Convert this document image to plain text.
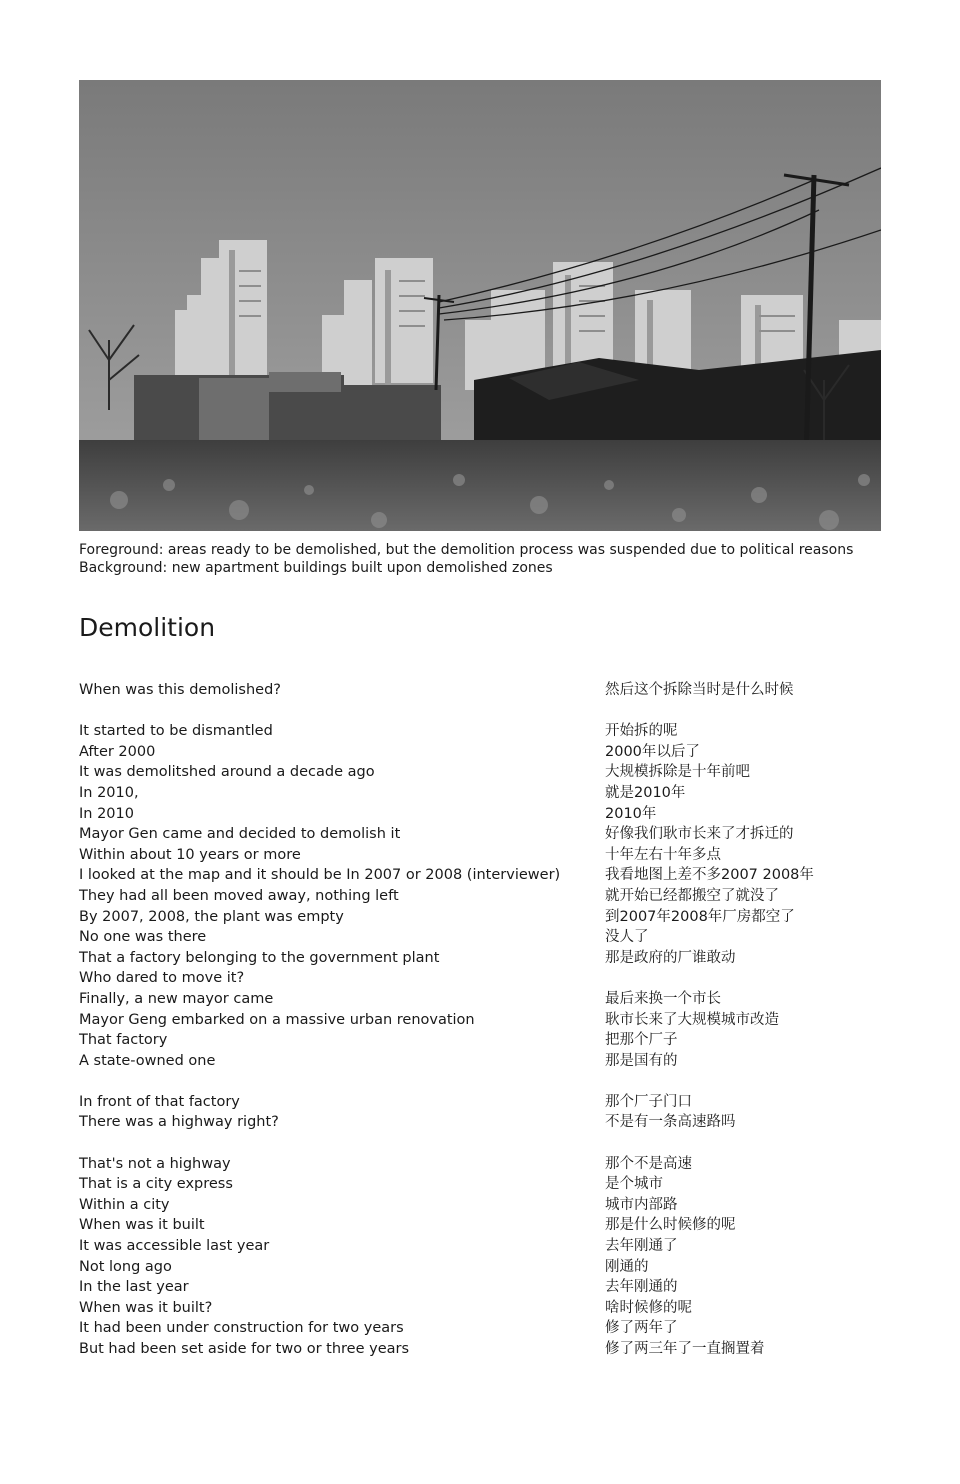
Foreground: areas ready to be demolished, but the demolition process was suspended due to political reasons
Background: new apartment buildings built upon demolished zones
Demolition
When was this demolished?
It started to be dismantled
After 2000
It was demolitshed around a decade ago
In 2010,
In 2010
Mayor Gen came and decided to demolish it
Within about 10 years or more
I looked at the map and it should be In 2007 or 2008 (interviewer)
They had all been moved away, nothing left
By 2007, 2008, the plant was empty
No one was there
That a factory belonging to the government plant
Who dared to move it?
Finally, a new mayor came
Mayor Geng embarked on a massive urban renovation
That factory
A state-owned one
In front of that factory
There was a highway right?
That's not a highway
That is a city express
Within a city
When was it built
It was accessible last year
Not long ago
In the last year
When was it built?
It had been under construction for two years
But had been set aside for two or three years
然后这个拆除当时是什么时候
开始拆的呢
2000年以后了
大规模拆除是十年前吧
就是2010年
2010年
好像我们耿市长来了才拆迁的
十年左右十年多点
我看地图上差不多2007 2008年
就开始已经都搬空了就没了
到2007年2008年厂房都空了
没人了
那是政府的厂谁敢动
最后来换一个市长
耿市长来了大规模城市改造
把那个厂子
那是国有的
那个厂子门口
不是有一条高速路吗
那个不是高速
是个城市
城市内部路
那是什么时候修的呢
去年刚通了
刚通的
去年刚通的
啥时候修的呢
修了两年了
修了两三年了一直搁置着
